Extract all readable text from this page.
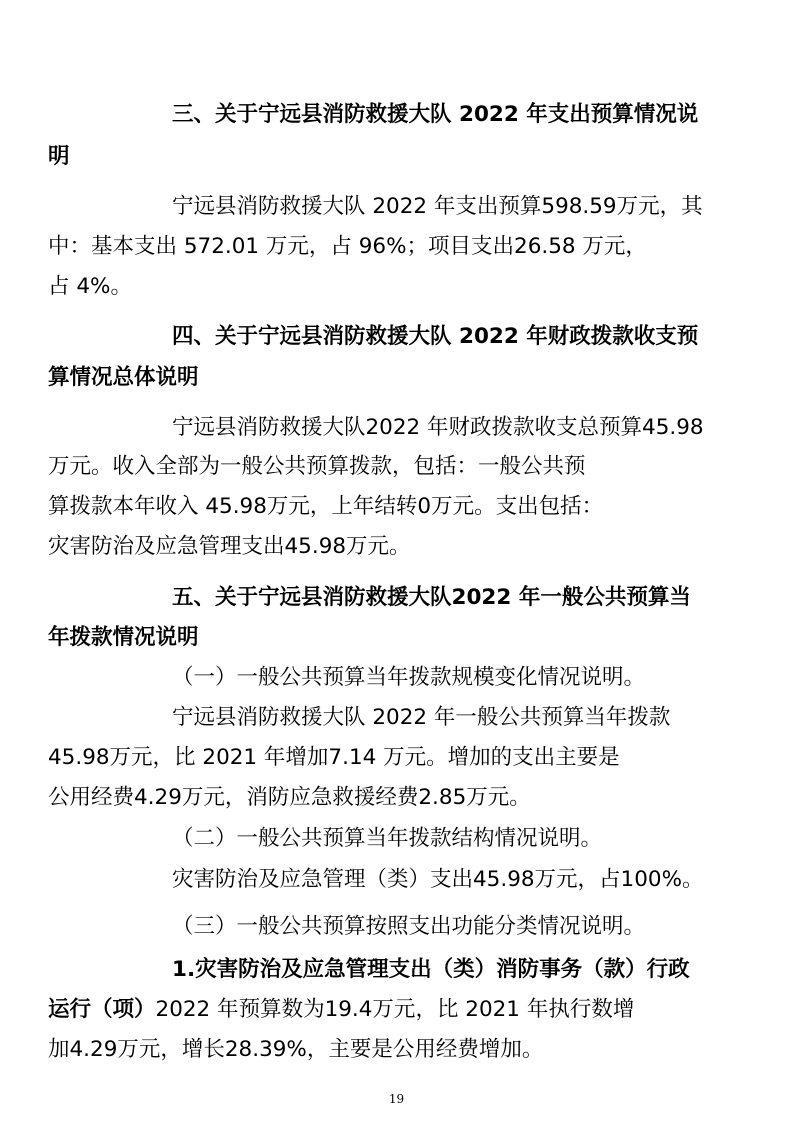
三、关于宁远县消防救援大队 2022 年支出预算情况说
明
宁远县消防救援大队 2022 年支出预算598.59万元，其
中：基本支出 572.01 万元，占 96%；项目支出26.58 万元，
占 4%。
四、关于宁远县消防救援大队 2022 年财政拨款收支预
算情况总体说明
宁远县消防救援大队2022 年财政拨款收支总预算45.98
万元。收入全部为一般公共预算拨款，包括：一般公共预
算拨款本年收入 45.98万元，上年结转0万元。支出包括：
灾害防治及应急管理支出45.98万元。
五、关于宁远县消防救援大队2022 年一般公共预算当
年拨款情况说明
（一）一般公共预算当年拨款规模变化情况说明。
宁远县消防救援大队 2022 年一般公共预算当年拨款
45.98万元，比 2021 年增加7.14 万元。增加的支出主要是
公用经费4.29万元，消防应急救援经费2.85万元。
（二）一般公共预算当年拨款结构情况说明。
灾害防治及应急管理（类）支出45.98万元，占100%。
（三）一般公共预算按照支出功能分类情况说明。
1.灾害防治及应急管理支出（类）消防事务（款）行政
运行（项）2022 年预算数为19.4万元，比 2021 年执行数增
加4.29万元，增长28.39%，主要是公用经费增加。
19
